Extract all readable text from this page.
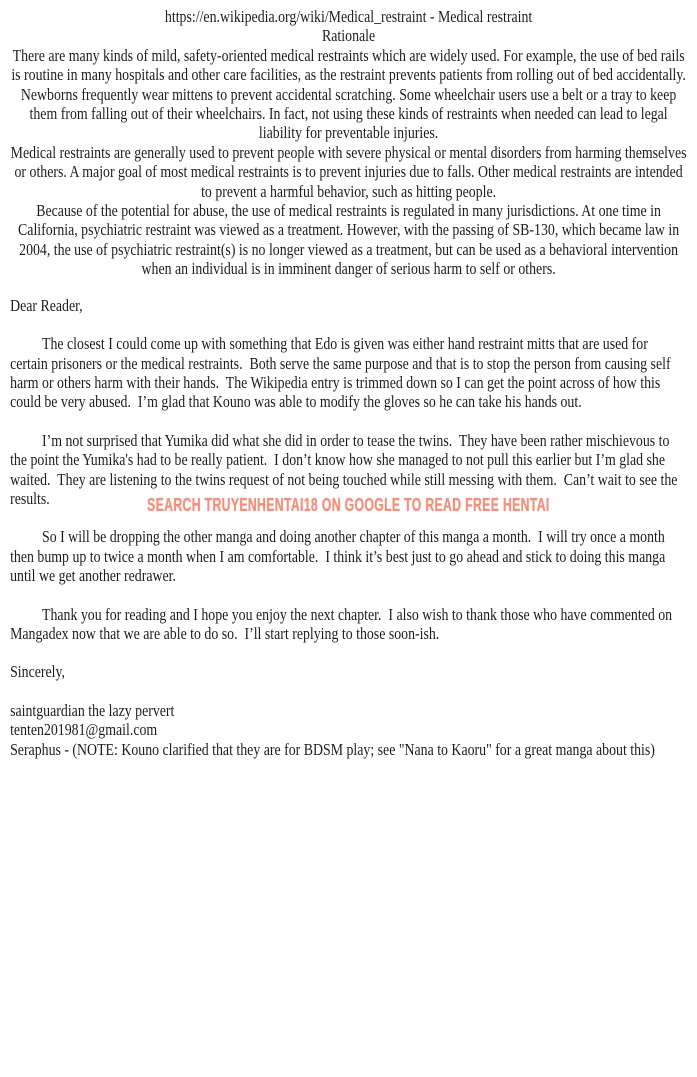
https://en.wikipedia.org/wiki/Medical_restraint - Medical restraint
Rationale

There are many kinds of mild, safety-oriented medical restraints which are widely used. For example, the use of bed rails is routine in many hospitals and other care facilities, as the restraint prevents patients from rolling out of bed accidentally. Newborns frequently wear mittens to prevent accidental scratching. Some wheelchair users use a belt or a tray to keep them from falling out of their wheelchairs. In fact, not using these kinds of restraints when needed can lead to legal liability for preventable injuries.

Medical restraints are generally used to prevent people with severe physical or mental disorders from harming themselves or others. A major goal of most medical restraints is to prevent injuries due to falls. Other medical restraints are intended to prevent a harmful behavior, such as hitting people.

Because of the potential for abuse, the use of medical restraints is regulated in many jurisdictions. At one time in California, psychiatric restraint was viewed as a treatment. However, with the passing of SB-130, which became law in 2004, the use of psychiatric restraint(s) is no longer viewed as a treatment, but can be used as a behavioral intervention when an individual is in imminent danger of serious harm to self or others.

Dear Reader,

The closest I could come up with something that Edo is given was either hand restraint mitts that are used for certain prisoners or the medical restraints.  Both serve the same purpose and that is to stop the person from causing self harm or others harm with their hands.  The Wikipedia entry is trimmed down so I can get the point across of how this could be very abused.  I’m glad that Kouno was able to modify the gloves so he can take his hands out.

I’m not surprised that Yumika did what she did in order to tease the twins.  They have been rather mischievous to the point the Yumika's had to be really patient.  I don’t know how she managed to not pull this earlier but I’m glad she waited.  They are listening to the twins request of not being touched while still messing with them.  Can’t wait to see the results.	SEARCH TRUYENHENTAI18 ON GOOGLE TO READ FREE HENTAI

So I will be dropping the other manga and doing another chapter of this manga a month.  I will try once a month then bump up to twice a month when I am comfortable.  I think it’s best just to go ahead and stick to doing this manga until we get another redrawer.

Thank you for reading and I hope you enjoy the next chapter.  I also wish to thank those who have commented on Mangadex now that we are able to do so.  I’ll start replying to those soon-ish.

Sincerely,

saintguardian the lazy pervert

tenten201981@gmail.com

Seraphus - (NOTE: Kouno clarified that they are for BDSM play; see "Nana to Kaoru" for a great manga about this)
